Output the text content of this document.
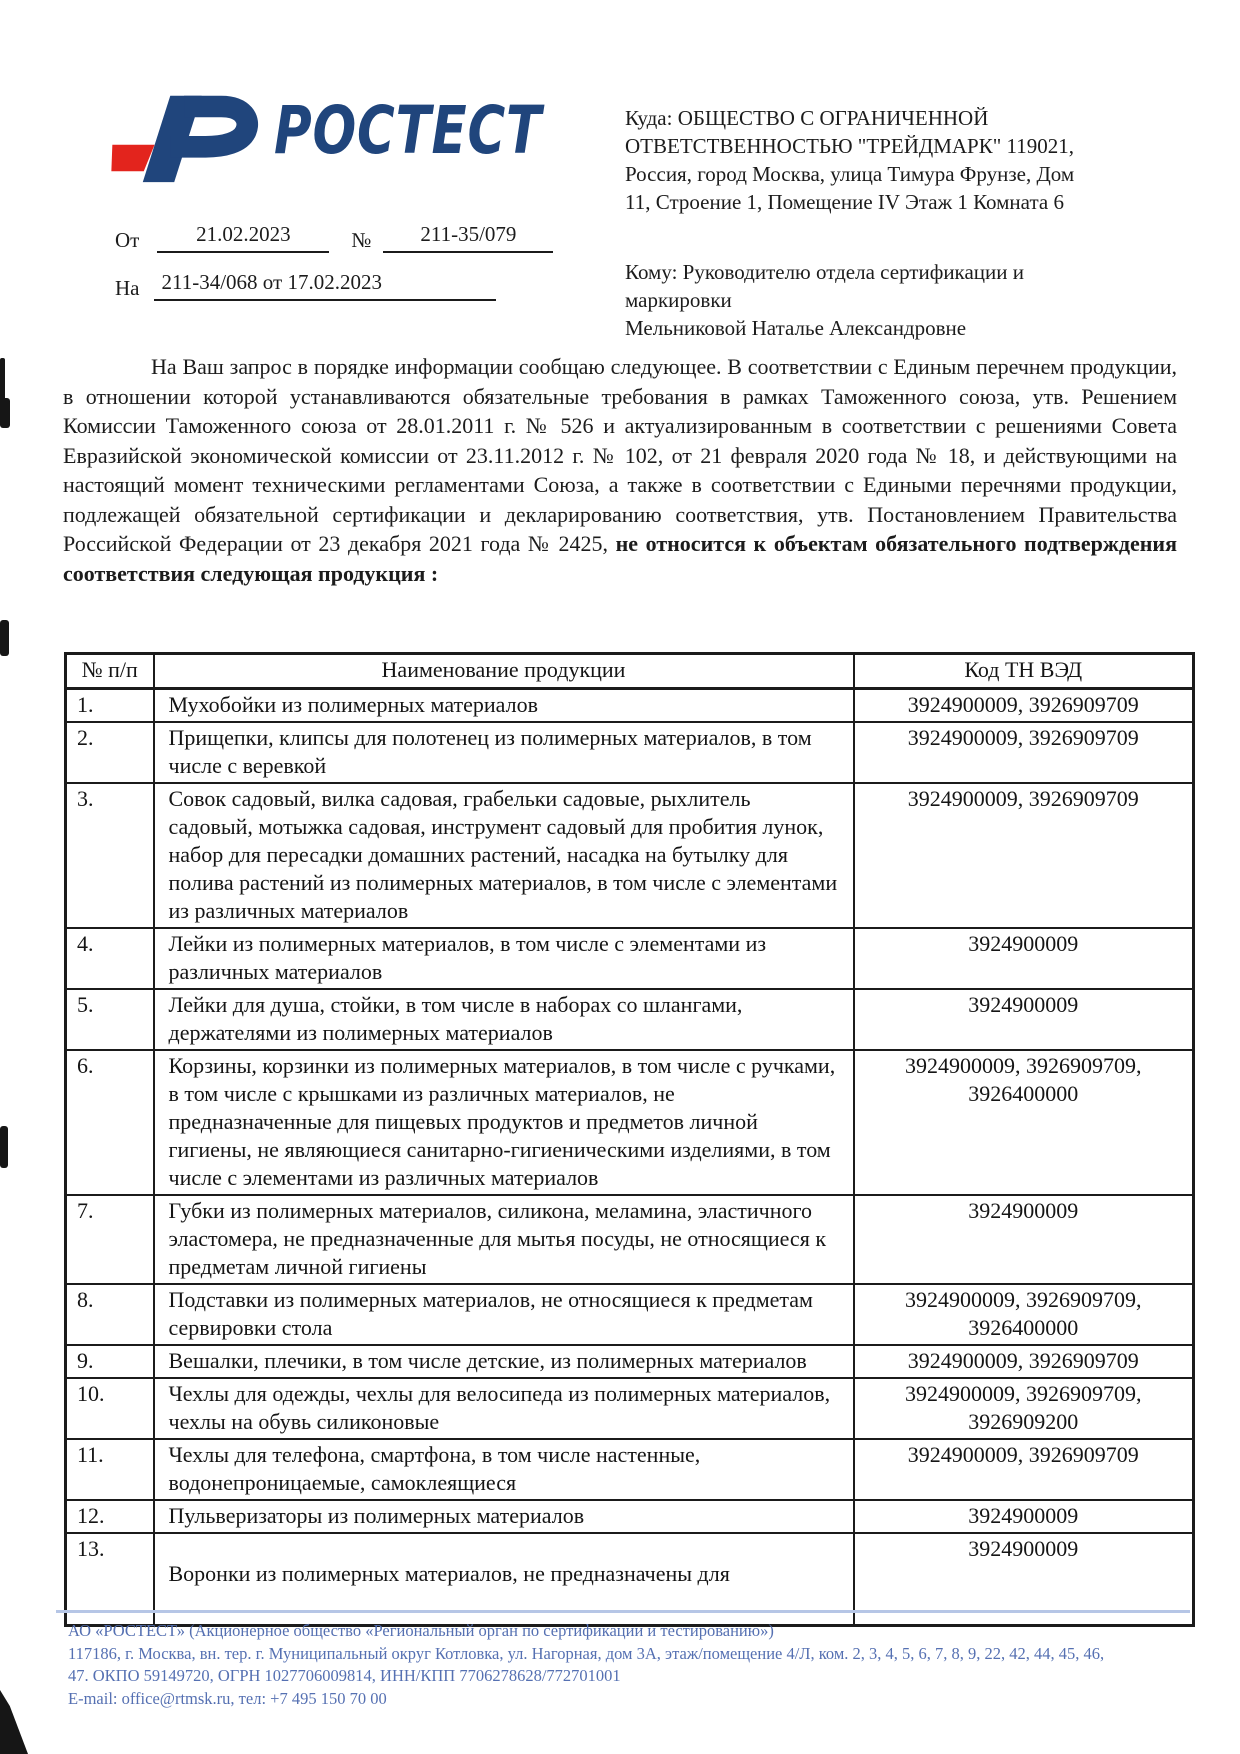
РОСТЕСТ	Куда: ОБЩЕСТВО С ОГРАНИЧЕННОЙ ОТВЕТСТВЕННОСТЬЮ "ТРЕЙДМАРК" 119021, Россия, город Москва, улица Тимура Фрунзе, Дом 11, Строение 1, Помещение IV Этаж 1 Комната 6
От	21.02.2023	№ 211-35/079
На 211-34/068 от 17.02.2023	Кому: Руководителю отдела сертификации и маркировки
Мельниковой Наталье Александровне
На Ваш запрос в порядке информации сообщаю следующее. В соответствии с Единым перечнем продукции, в отношении которой устанавливаются обязательные требования в рамках Таможенного союза, утв. Решением Комиссии Таможенного союза от 28.01.2011 г. № 526 и актуализированным в соответствии с решениями Совета Евразийской экономической комиссии от 23.11.2012 г. № 102, от 21 февраля 2020 года № 18, и действующими на настоящий момент техническими регламентами Союза, а также в соответствии с Едиными перечнями продукции, подлежащей обязательной сертификации и декларированию соответствия, утв. Постановлением Правительства Российской Федерации от 23 декабря 2021 года № 2425, не относится к объектам обязательного подтверждения соответствия следующая продукция :
№ п/п	Наименование продукции	Код ТН ВЭД
1.	Мухобойки из полимерных материалов	3924900009, 3926909709
2.	Прищепки, клипсы для полотенец из полимерных материалов, в том числе с веревкой	3924900009, 3926909709
3.	Совок садовый, вилка садовая, грабельки садовые, рыхлитель садовый, мотыжка садовая, инструмент садовый для пробития лунок, набор для пересадки домашних растений, насадка на бутылку для полива растений из полимерных материалов, в том числе с элементами из различных материалов	3924900009, 3926909709
4.	Лейки из полимерных материалов, в том числе с элементами из различных материалов	3924900009
5.	Лейки для душа, стойки, в том числе в наборах со шлангами, держателями из полимерных материалов	3924900009
6.	Корзины, корзинки из полимерных материалов, в том числе с ручками, в том числе с крышками из различных материалов, не предназначенные для пищевых продуктов и предметов личной гигиены, не являющиеся санитарно-гигиеническими изделиями, в том числе с элементами из различных материалов	3924900009, 3926909709, 3926400000
7.	Губки из полимерных материалов, силикона, меламина, эластичного эластомера, не предназначенные для мытья посуды, не относящиеся к предметам личной гигиены	3924900009
8.	Подставки из полимерных материалов, не относящиеся к предметам сервировки стола	3924900009, 3926909709, 3926400000
9.	Вешалки, плечики, в том числе детские, из полимерных материалов	3924900009, 3926909709
10.	Чехлы для одежды, чехлы для велосипеда из полимерных материалов, чехлы на обувь силиконовые	3924900009, 3926909709, 3926909200
11.	Чехлы для телефона, смартфона, в том числе настенные, водонепроницаемые, самоклеящиеся	3924900009, 3926909709
12.	Пульверизаторы из полимерных материалов	3924900009
13.	Воронки из полимерных материалов, не предназначены для	3924900009
АО «РОСТЕСТ» (Акционерное общество «Региональный орган по сертификации и тестированию»)
117186, г. Москва, вн. тер. г. Муниципальный округ Котловка, ул. Нагорная, дом 3А, этаж/помещение 4/Л, ком. 2, 3, 4, 5, 6, 7, 8, 9, 22, 42, 44, 45, 46,
47. ОКПО 59149720, ОГРН 1027706009814, ИНН/КПП 7706278628/772701001
E-mail: office@rtmsk.ru, тел: +7 495 150 70 00
